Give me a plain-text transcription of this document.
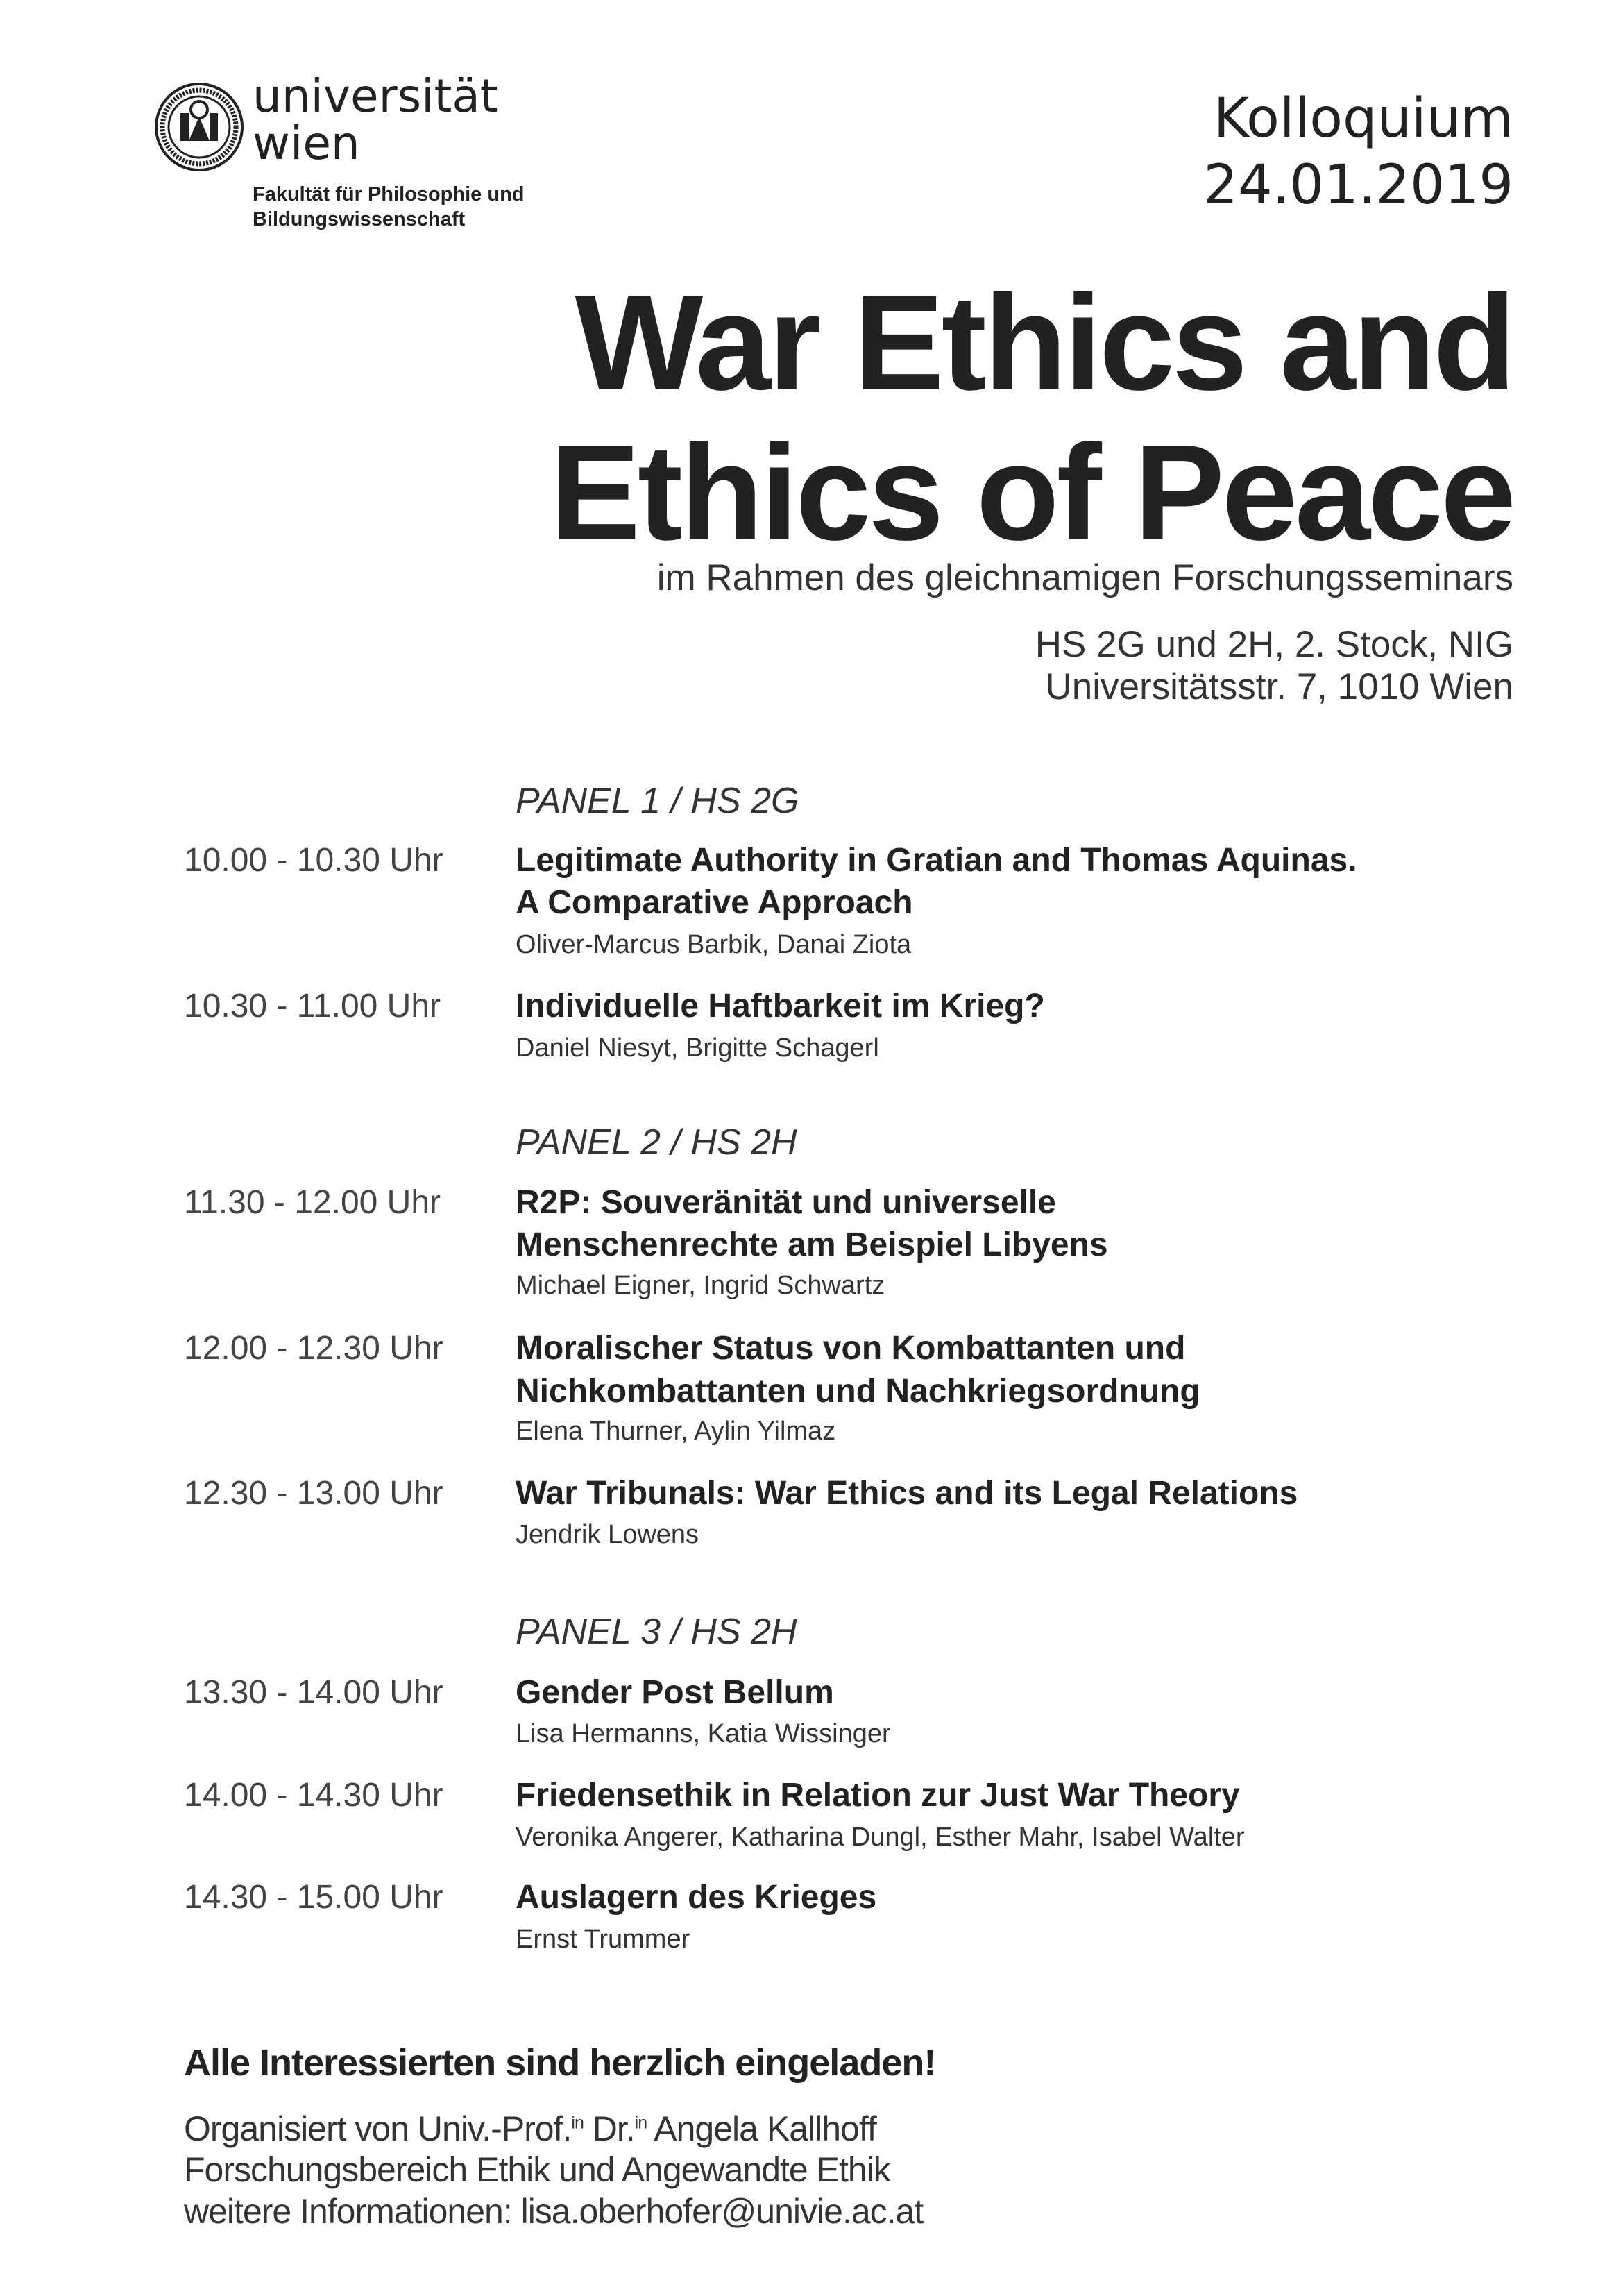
universität
wien
Fakultät für Philosophie und
Bildungswissenschaft
Kolloquium
24.01.2019
War Ethics and
Ethics of Peace
im Rahmen des gleichnamigen Forschungsseminars
HS 2G und 2H, 2. Stock, NIG
Universitätsstr. 7, 1010 Wien
PANEL 1 / HS 2G
10.00 - 10.30 Uhr Legitimate Authority in Gratian and Thomas Aquinas.
A Comparative Approach
Oliver-Marcus Barbik, Danai Ziota
10.30 - 11.00 Uhr Individuelle Haftbarkeit im Krieg?
Daniel Niesyt, Brigitte Schagerl
PANEL 2 / HS 2H
11.30 - 12.00 Uhr R2P: Souveränität und universelle
Menschenrechte am Beispiel Libyens
Michael Eigner, Ingrid Schwartz
12.00 - 12.30 Uhr Moralischer Status von Kombattanten und
Nichkombattanten und Nachkriegsordnung
Elena Thurner, Aylin Yilmaz
12.30 - 13.00 Uhr War Tribunals: War Ethics and its Legal Relations
Jendrik Lowens
PANEL 3 / HS 2H
13.30 - 14.00 Uhr Gender Post Bellum
Lisa Hermanns, Katia Wissinger
14.00 - 14.30 Uhr Friedensethik in Relation zur Just War Theory
Veronika Angerer, Katharina Dungl, Esther Mahr, Isabel Walter
14.30 - 15.00 Uhr Auslagern des Krieges
Ernst Trummer
Alle Interessierten sind herzlich eingeladen!
Organisiert von Univ.-Prof.$^{in}$ Dr.$^{in}$ Angela Kallhoff
Forschungsbereich Ethik und Angewandte Ethik
weitere Informationen: lisa.oberhofer@univie.ac.at
